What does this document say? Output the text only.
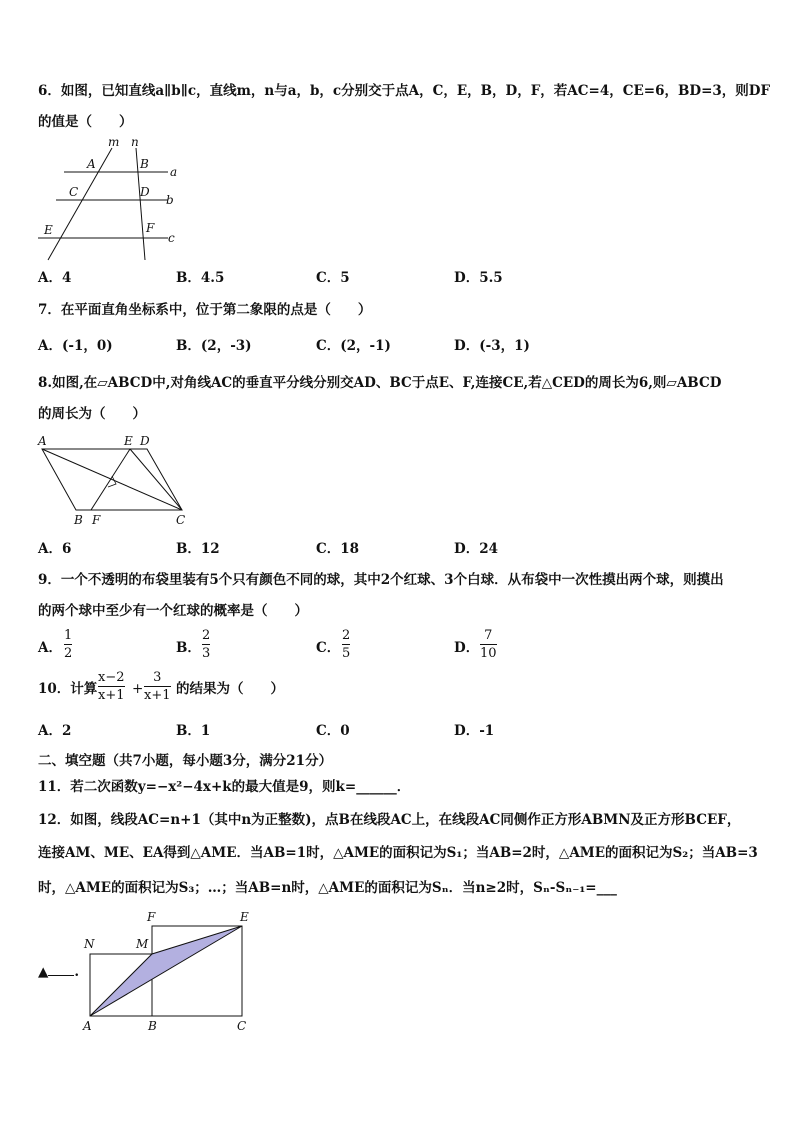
6．如图，已知直线a∥b∥c，直线m，n与a，b，c分别交于点A，C，E，B，D，F，若AC=4，CE=6，BD=3，则DF
的值是（　　）
m n
A	B
a
C	D
b
E	F
c
A．4	B．4.5	C．5	D．5.5
7．在平面直角坐标系中，位于第二象限的点是（　　）
A．(-1，0)	B．(2，-3)	C．(2，-1)	D．(-3，1)
8.如图,在▱ABCD中,对角线AC的垂直平分线分别交AD、BC于点E、F,连接CE,若△CED的周长为6,则▱ABCD
的周长为（　　）
A	E D
B F	C
A．6	B．12	C．18	D．24
9．一个不透明的布袋里装有5个只有颜色不同的球，其中2个红球、3个白球．从布袋中一次性摸出两个球，则摸出
的两个球中至少有一个红球的概率是（　　）
A．
1
2	B．
2
3	C．
2
5	D．
7
10
10．计算
x−2
x+1 +
3
x+1 的结果为（　　）
A．2	B．1	C．0	D．-1
二、填空题（共7小题，每小题3分，满分21分）
11．若二次函数y=−x²−4x+k的最大值是9，则k=______．
12．如图，线段AC=n+1（其中n为正整数)，点B在线段AC上，在线段AC同侧作正方形ABMN及正方形BCEF，
连接AM、ME、EA得到△AME．当AB=1时，△AME的面积记为S₁；当AB=2时，△AME的面积记为S₂；当AB=3
时，△AME的面积记为S₃；…；当AB=n时，△AME的面积记为Sₙ．当n≥2时，Sₙ-Sₙ₋₁=___
F	E
N	M
A	B	C
▲ .
